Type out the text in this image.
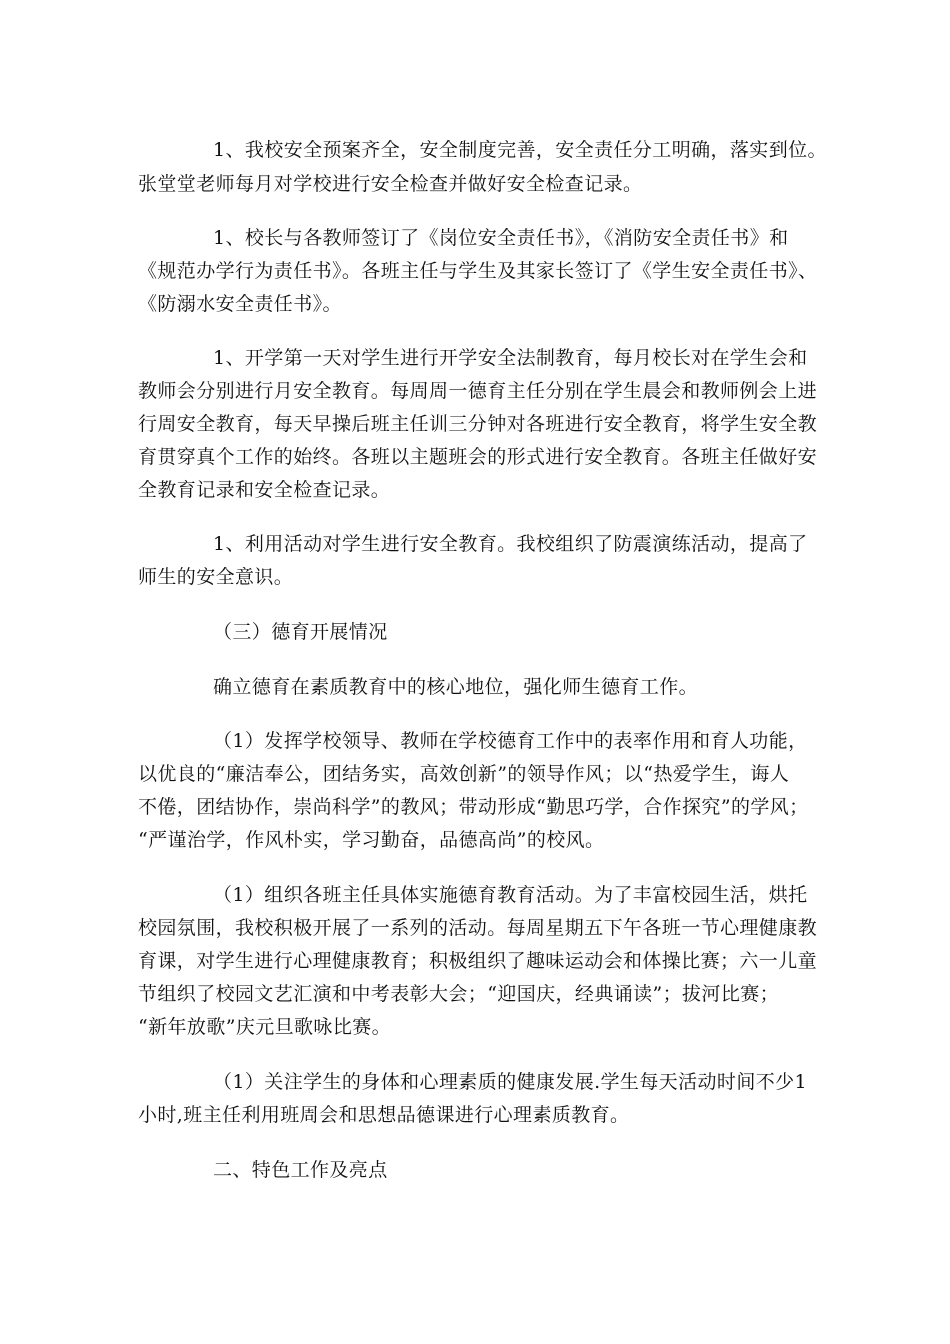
1、我校安全预案齐全，安全制度完善，安全责任分工明确，落实到位。
张堂堂老师每月对学校进行安全检查并做好安全检查记录。
1、校长与各教师签订了《岗位安全责任书》，《消防安全责任书》和
《规范办学行为责任书》。各班主任与学生及其家长签订了《学生安全责任书》、
《防溺水安全责任书》。
1、开学第一天对学生进行开学安全法制教育，每月校长对在学生会和
教师会分别进行月安全教育。每周周一德育主任分别在学生晨会和教师例会上进
行周安全教育，每天早操后班主任训三分钟对各班进行安全教育，将学生安全教
育贯穿真个工作的始终。各班以主题班会的形式进行安全教育。各班主任做好安
全教育记录和安全检查记录。
1、利用活动对学生进行安全教育。我校组织了防震演练活动，提高了
师生的安全意识。
（三）德育开展情况
确立德育在素质教育中的核心地位，强化师生德育工作。
（1）发挥学校领导、教师在学校德育工作中的表率作用和育人功能，
以优良的“廉洁奉公，团结务实，高效创新”的领导作风；以“热爱学生，诲人
不倦，团结协作，崇尚科学”的教风；带动形成“勤思巧学，合作探究”的学风；
“严谨治学，作风朴实，学习勤奋，品德高尚”的校风。
（1）组织各班主任具体实施德育教育活动。为了丰富校园生活，烘托
校园氛围，我校积极开展了一系列的活动。每周星期五下午各班一节心理健康教
育课，对学生进行心理健康教育；积极组织了趣味运动会和体操比赛；六一儿童
节组织了校园文艺汇演和中考表彰大会；“迎国庆，经典诵读”；拔河比赛；
“新年放歌”庆元旦歌咏比赛。
（1）关注学生的身体和心理素质的健康发展.学生每天活动时间不少1
小时,班主任利用班周会和思想品德课进行心理素质教育。
二、特色工作及亮点
